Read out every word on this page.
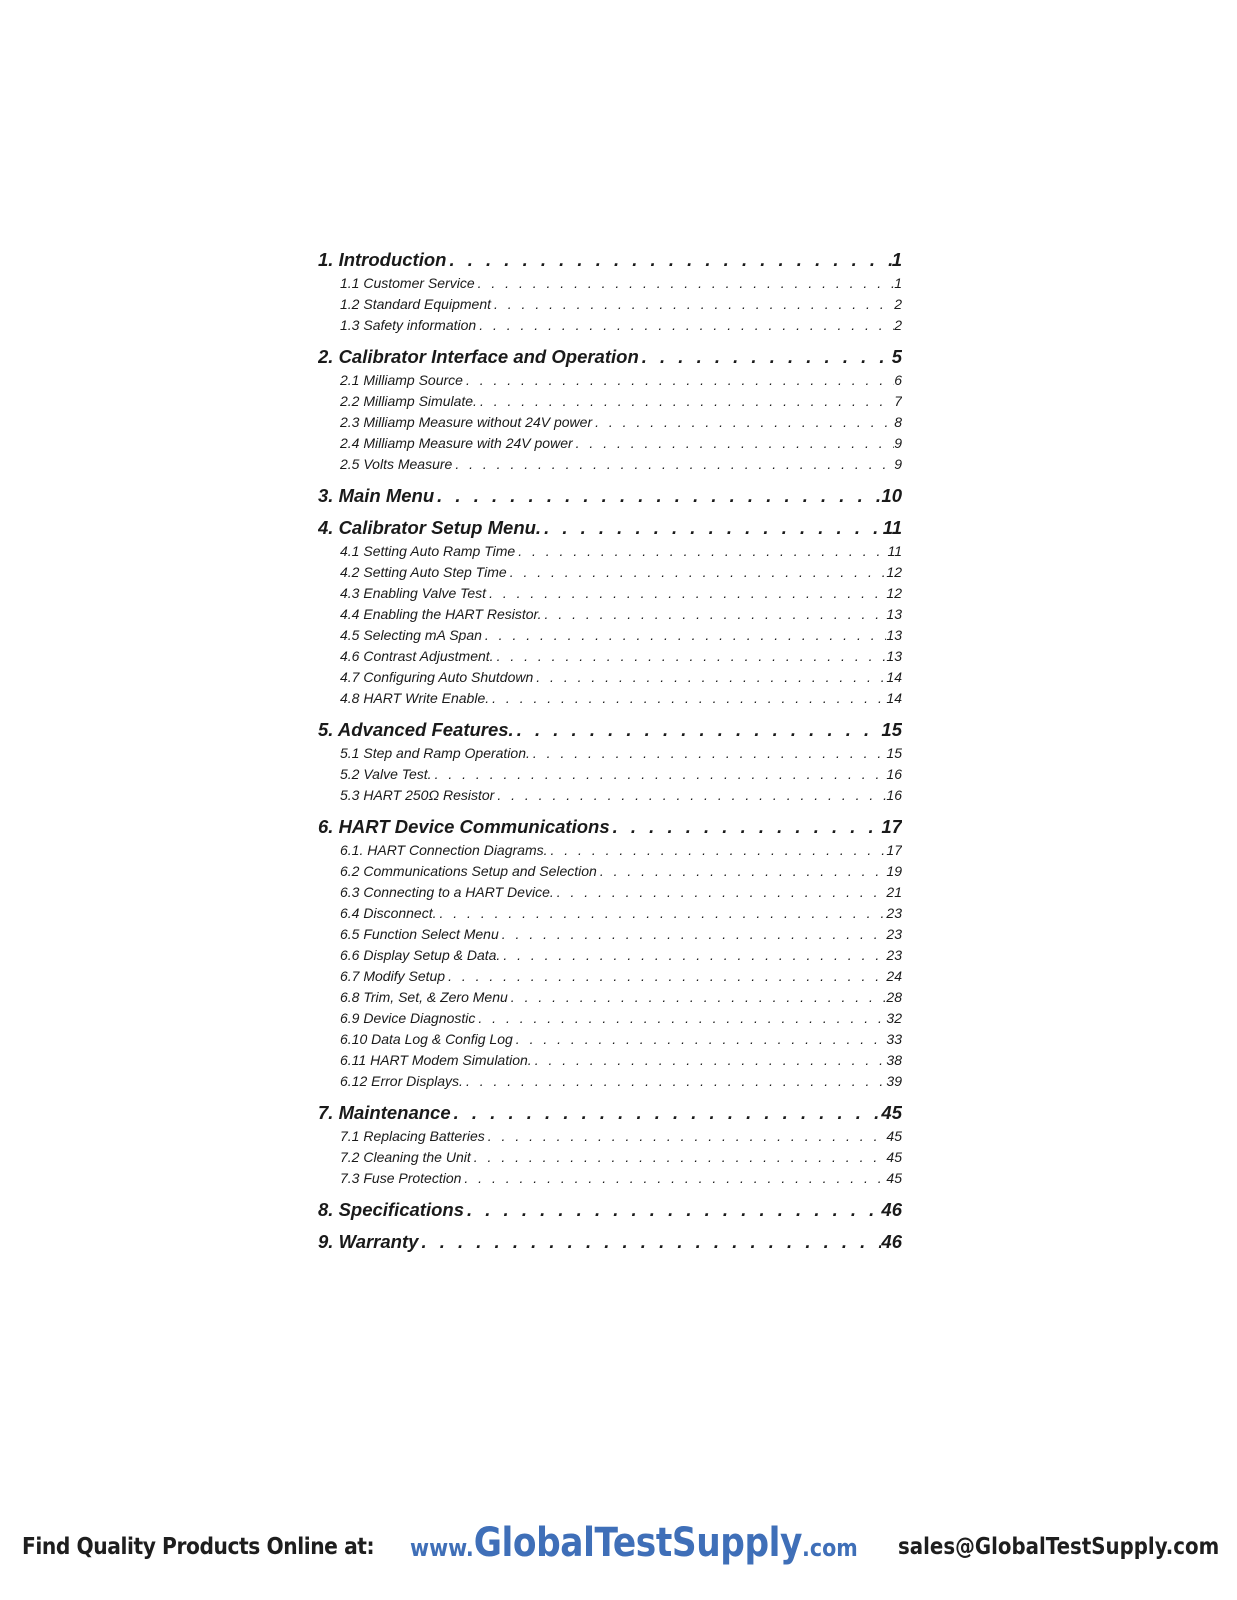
1. Introduction . . .	1
1.1 Customer Service . . .	1
1.2 Standard Equipment . . .	2
1.3 Safety information . . .	2
2. Calibrator Interface and Operation . . .	5
2.1 Milliamp Source . . .	6
2.2 Milliamp Simulate. . . .	7
2.3 Milliamp Measure without 24V power . . .	8
2.4 Milliamp Measure with 24V power . . .	9
2.5 Volts Measure . . .	9
3. Main Menu . . .	10
4. Calibrator Setup Menu. . . .	11
4.1 Setting Auto Ramp Time . . .	11
4.2 Setting Auto Step Time . . .	12
4.3 Enabling Valve Test . . .	12
4.4 Enabling the HART Resistor. . . .	13
4.5 Selecting mA Span . . .	13
4.6 Contrast Adjustment. . . .	13
4.7 Configuring Auto Shutdown . . .	14
4.8 HART Write Enable. . . .	14
5. Advanced Features. . . .	15
5.1 Step and Ramp Operation. . . .	15
5.2 Valve Test. . . .	16
5.3 HART 250Ω Resistor . . .	16
6. HART Device Communications . . .	17
6.1. HART Connection Diagrams. . . .	17
6.2 Communications Setup and Selection . . .	19
6.3 Connecting to a HART Device. . . .	21
6.4 Disconnect. . . .	23
6.5 Function Select Menu . . .	23
6.6 Display Setup & Data. . . .	23
6.7 Modify Setup . . .	24
6.8 Trim, Set, & Zero Menu . . .	28
6.9 Device Diagnostic . . .	32
6.10 Data Log & Config Log . . .	33
6.11 HART Modem Simulation. . . .	38
6.12 Error Displays. . . .	39
7. Maintenance . . .	45
7.1 Replacing Batteries . . .	45
7.2 Cleaning the Unit . . .	45
7.3 Fuse Protection . . .	45
8. Specifications . . .	46
9. Warranty . . .	46
Find Quality Products Online at: www.GlobalTestSupply.com sales@GlobalTestSupply.com
